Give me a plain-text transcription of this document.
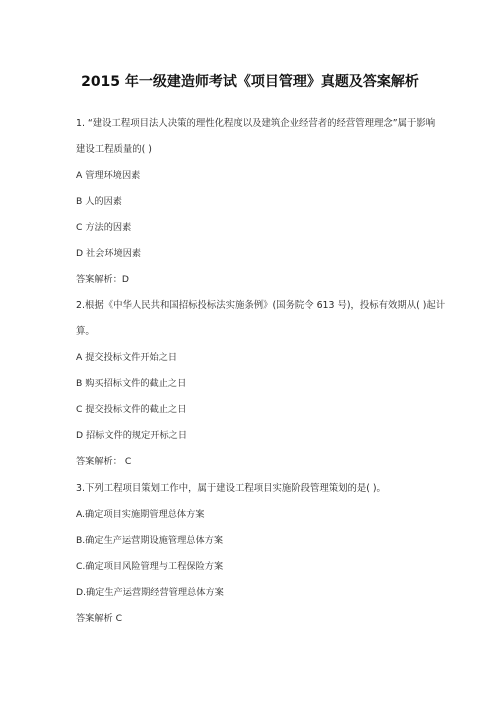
2015 年一级建造师考试《项目管理》真题及答案解析
1. “建设工程项目法人决策的理性化程度以及建筑企业经营者的经营管理理念”属于影响
建设工程质量的( )
A 管理环境因素
B 人的因素
C 方法的因素
D 社会环境因素
答案解析：D
2.根据《中华人民共和国招标投标法实施条例》(国务院令 613 号)，投标有效期从( )起计
算。
A 提交投标文件开始之日
B 购买招标文件的截止之日
C 提交投标文件的截止之日
D 招标文件的规定开标之日
答案解析： C
3.下列工程项目策划工作中，属于建设工程项目实施阶段管理策划的是( )。
A.确定项目实施期管理总体方案
B.确定生产运营期设施管理总体方案
C.确定项目风险管理与工程保险方案
D.确定生产运营期经营管理总体方案
答案解析 C
